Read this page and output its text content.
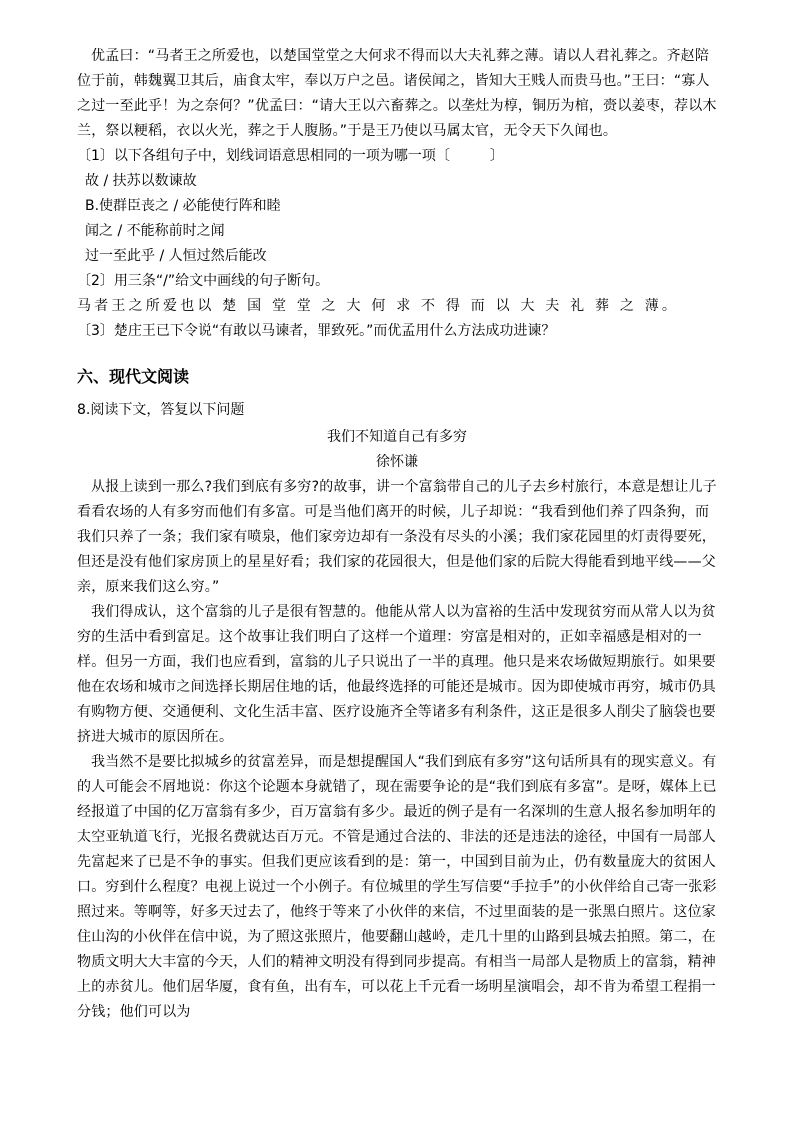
优孟曰：“马者王之所爱也，以楚国堂堂之大何求不得而以大夫礼葬之薄。请以人君礼葬之。齐赵陪位于前，韩魏翼卫其后，庙食太牢，奉以万户之邑。诸侯闻之，皆知大王贱人而贵马也。”王曰：“寡人之过一至此乎！为之奈何？”优孟曰：“请大王以六畜葬之。以垄灶为椁，铜历为棺，赍以姜枣，荐以木兰，祭以粳稻，衣以火光，葬之于人腹肠。”于是王乃使以马属太官，无令天下久闻也。

〔1〕以下各组句子中，划线词语意思相同的一项为哪一项〔	〕

故 / 扶苏以数谏故

B.使群臣丧之 / 必能使行阵和睦

闻之 / 不能称前时之闻

过一至此乎 / 人恒过然后能改

〔2〕用三条“/”给文中画线的句子断句。

马者王之所爱也以 楚 国 堂 堂 之 大 何 求 不 得 而 以 大 夫 礼 葬 之 薄。

〔3〕楚庄王已下令说“有敢以马谏者，罪致死。”而优孟用什么方法成功进谏？

六、现代文阅读

8.阅读下文，答复以下问题

我们不知道自己有多穷

徐怀谦

从报上读到一那么?我们到底有多穷?的故事，讲一个富翁带自己的儿子去乡村旅行，本意是想让儿子看看农场的人有多穷而他们有多富。可是当他们离开的时候，儿子却说：“我看到他们养了四条狗，而我们只养了一条；我们家有喷泉，他们家旁边却有一条没有尽头的小溪；我们家花园里的灯责得要死，但还是没有他们家房顶上的星星好看；我们家的花园很大，但是他们家的后院大得能看到地平线——父亲，原来我们这么穷。”

我们得成认，这个富翁的儿子是很有智慧的。他能从常人以为富裕的生活中发现贫穷而从常人以为贫穷的生活中看到富足。这个故事让我们明白了这样一个道理：穷富是相对的，正如幸福感是相对的一样。但另一方面，我们也应看到，富翁的儿子只说出了一半的真理。他只是来农场做短期旅行。如果要他在农场和城市之间选择长期居住地的话，他最终选择的可能还是城市。因为即使城市再穷，城市仍具有购物方便、交通便利、文化生活丰富、医疗设施齐全等诸多有利条件，这正是很多人削尖了脑袋也要挤进大城市的原因所在。

我当然不是要比拟城乡的贫富差异，而是想提醒国人“我们到底有多穷”这句话所具有的现实意义。有的人可能会不屑地说：你这个论题本身就错了，现在需要争论的是“我们到底有多富”。是呀，媒体上已经报道了中国的亿万富翁有多少，百万富翁有多少。最近的例子是有一名深圳的生意人报名参加明年的太空亚轨道飞行，光报名费就达百万元。不管是通过合法的、非法的还是违法的途径，中国有一局部人先富起来了已是不争的事实。但我们更应该看到的是：第一，中国到目前为止，仍有数量庞大的贫困人口。穷到什么程度？电视上说过一个小例子。有位城里的学生写信要“手拉手”的小伙伴给自己寄一张彩照过来。等啊等，好多天过去了，他终于等来了小伙伴的来信，不过里面装的是一张黑白照片。这位家住山沟的小伙伴在信中说，为了照这张照片，他要翻山越岭，走几十里的山路到县城去拍照。第二，在物质文明大大丰富的今天，人们的精神文明没有得到同步提高。有相当一局部人是物质上的富翁，精神上的赤贫儿。他们居华厦，食有鱼，出有车，可以花上千元看一场明星演唱会，却不肯为希望工程捐一分钱；他们可以为
